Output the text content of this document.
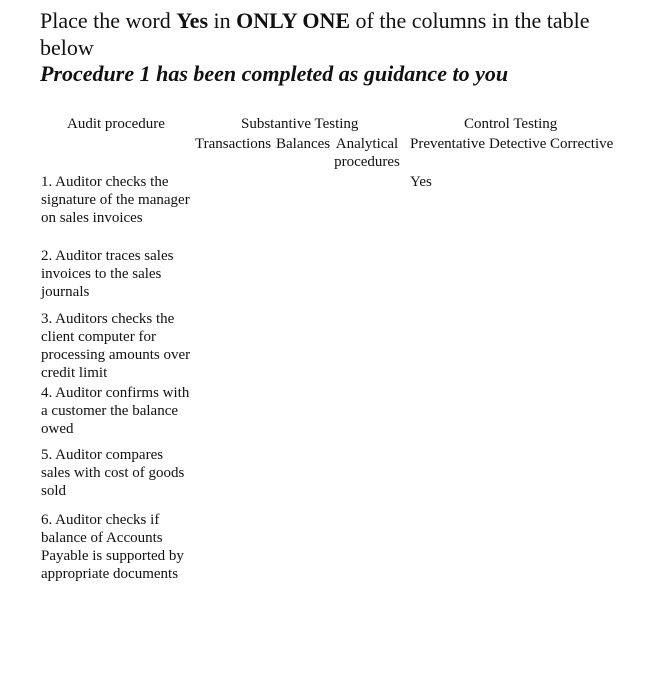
Place the word Yes in ONLY ONE of the columns in the table below

Procedure 1 has been completed as guidance to you

Audit procedure	Substantive Testing	Control Testing
Transactions Balances Analytical procedures
Preventative Detective Corrective
1. Auditor checks the signature of the manager on sales invoices
2. Auditor traces sales invoices to the sales journals
3. Auditors checks the client computer for processing amounts over credit limit
4. Auditor confirms with a customer the balance owed
5. Auditor compares sales with cost of goods sold
6. Auditor checks if balance of Accounts Payable is supported by appropriate documents
Yes
